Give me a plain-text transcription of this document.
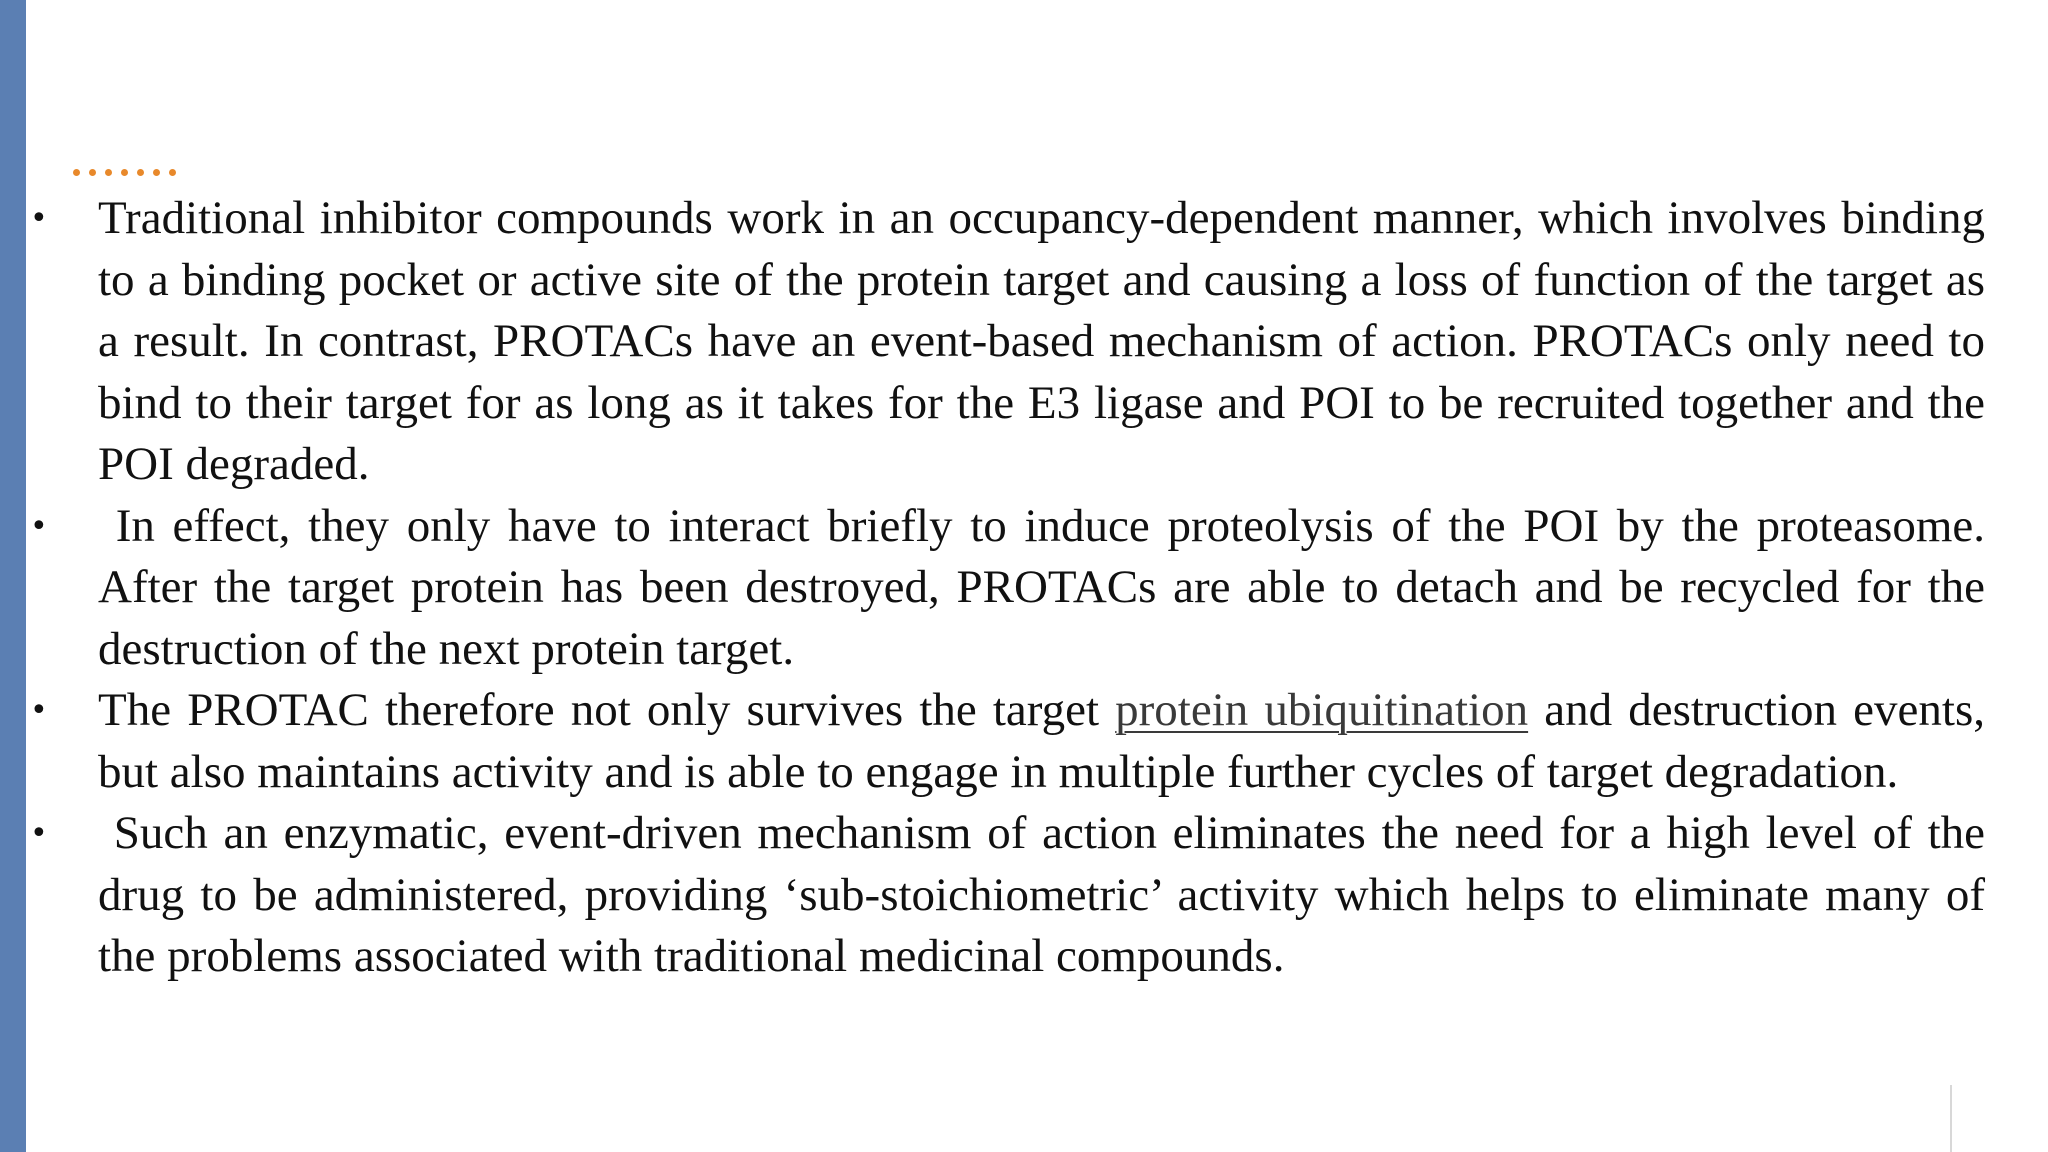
• Traditional inhibitor compounds work in an occupancy-dependent manner, which involves binding to a binding pocket or active site of the protein target and causing a loss of function of the target as a result. In contrast, PROTACs have an event-based mechanism of action. PROTACs only need to bind to their target for as long as it takes for the E3 ligase and POI to be recruited together and the POI degraded.
• In effect, they only have to interact briefly to induce proteolysis of the POI by the proteasome. After the target protein has been destroyed, PROTACs are able to detach and be recycled for the destruction of the next protein target.
• The PROTAC therefore not only survives the target protein ubiquitination and destruction events, but also maintains activity and is able to engage in multiple further cycles of target degradation.
• Such an enzymatic, event-driven mechanism of action eliminates the need for a high level of the drug to be administered, providing ‘sub-stoichiometric’ activity which helps to eliminate many of the problems associated with traditional medicinal compounds.
